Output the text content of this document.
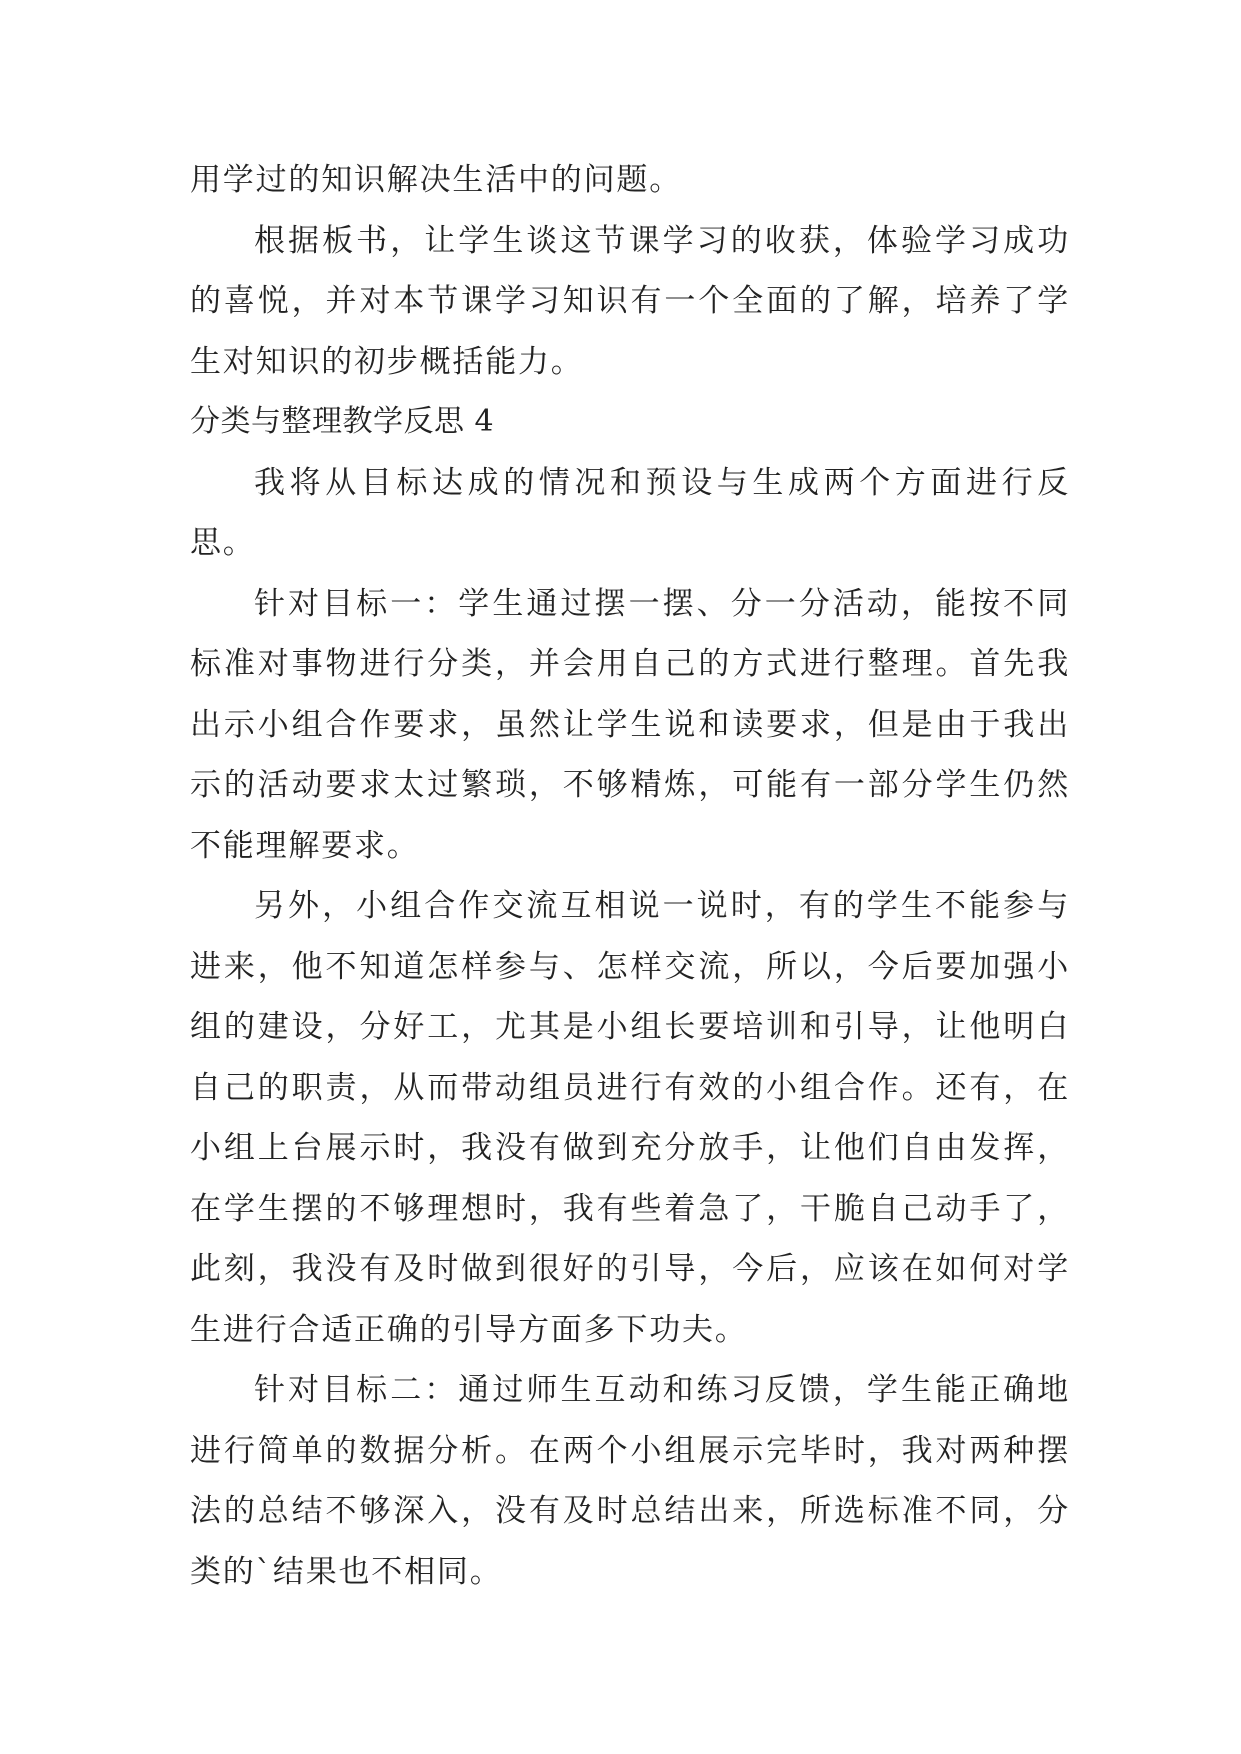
用学过的知识解决生活中的问题。

根据板书，让学生谈这节课学习的收获，体验学习成功的喜悦，并对本节课学习知识有一个全面的了解，培养了学生对知识的初步概括能力。

分类与整理教学反思 4

我将从目标达成的情况和预设与生成两个方面进行反思。

针对目标一：学生通过摆一摆、分一分活动，能按不同标准对事物进行分类，并会用自己的方式进行整理。首先我出示小组合作要求，虽然让学生说和读要求，但是由于我出示的活动要求太过繁琐，不够精炼，可能有一部分学生仍然不能理解要求。

另外，小组合作交流互相说一说时，有的学生不能参与进来，他不知道怎样参与、怎样交流，所以，今后要加强小组的建设，分好工，尤其是小组长要培训和引导，让他明白自己的职责，从而带动组员进行有效的小组合作。还有，在小组上台展示时，我没有做到充分放手，让他们自由发挥，在学生摆的不够理想时，我有些着急了，干脆自己动手了，此刻，我没有及时做到很好的引导，今后，应该在如何对学生进行合适正确的引导方面多下功夫。

针对目标二：通过师生互动和练习反馈，学生能正确地进行简单的数据分析。在两个小组展示完毕时，我对两种摆法的总结不够深入，没有及时总结出来，所选标准不同，分类的`结果也不相同。
